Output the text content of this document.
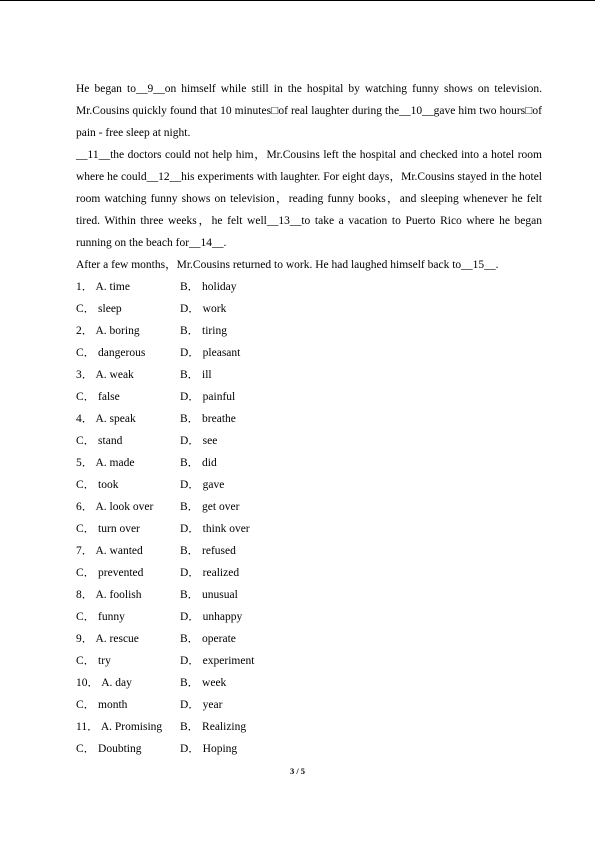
He began to__9__on himself while still in the hospital by watching funny shows on television. Mr.Cousins quickly found that 10 minutes□of real laughter during the__10__gave him two hours□of pain - free sleep at night.

__11__the doctors could not help him，Mr.Cousins left the hospital and checked into a hotel room where he could__12__his experiments with laughter. For eight days，Mr.Cousins stayed in the hotel room watching funny shows on television，reading funny books，and sleeping whenever he felt tired. Within three weeks，he felt well__13__to take a vacation to Puerto Rico where he began running on the beach for__14__.

After a few months，Mr.Cousins returned to work. He had laughed himself back to__15__.

1． A. time	B． holiday
C． sleep	D． work
2． A. boring	B． tiring
C． dangerous	D． pleasant
3． A. weak	B． ill
C． false	D． painful
4． A. speak	B． breathe
C． stand	D． see
5． A. made	B． did
C． took	D． gave
6． A. look over B． get over
C． turn over	D． think over
7． A. wanted	B． refused
C． prevented	D． realized
8． A. foolish	B． unusual
C． funny	D． unhappy
9． A. rescue	B． operate
C． try	D． experiment
10． A. day	B． week
C． month	D． year
11． A. Promising B． Realizing
C． Doubting	D． Hoping
3 / 5
